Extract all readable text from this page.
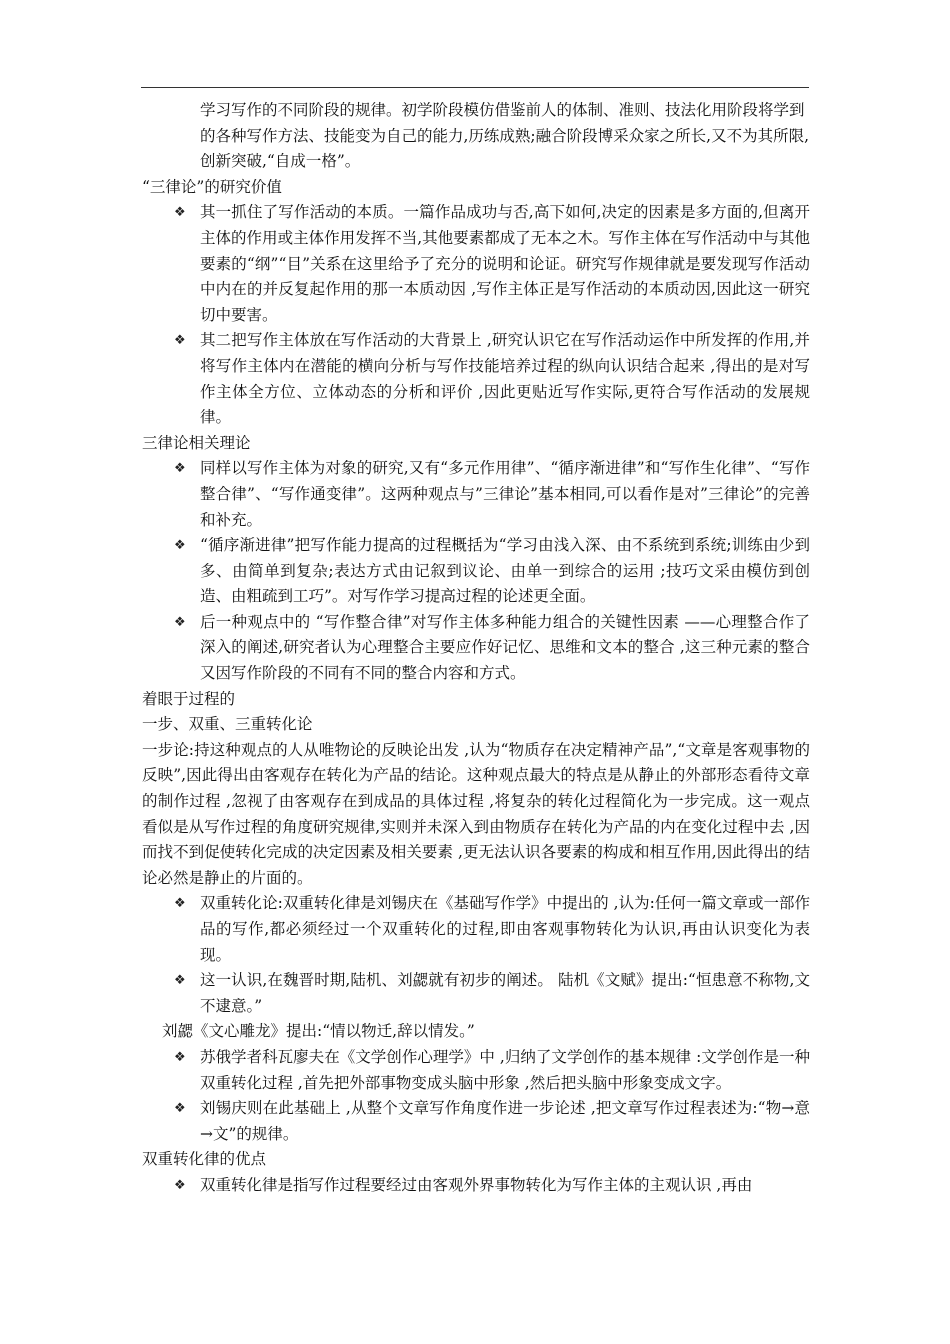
学习写作的不同阶段的规律。初学阶段模仿借鉴前人的体制、准则、技法化用阶段将学到的各种写作方法、技能变为自己的能力,历练成熟;融合阶段博采众家之所长,又不为其所限,创新突破,“自成一格”。
“三律论”的研究价值
❖ 其一抓住了写作活动的本质。一篇作品成功与否,高下如何,决定的因素是多方面的,但离开主体的作用或主体作用发挥不当,其他要素都成了无本之木。写作主体在写作活动中与其他要素的“纲”“目”关系在这里给予了充分的说明和论证。研究写作规律就是要发现写作活动中内在的并反复起作用的那一本质动因 ,写作主体正是写作活动的本质动因,因此这一研究切中要害。
❖ 其二把写作主体放在写作活动的大背景上 ,研究认识它在写作活动运作中所发挥的作用,并将写作主体内在潜能的横向分析与写作技能培养过程的纵向认识结合起来 ,得出的是对写作主体全方位、立体动态的分析和评价 ,因此更贴近写作实际,更符合写作活动的发展规律。
三律论相关理论
❖ 同样以写作主体为对象的研究,又有“多元作用律”、“循序渐进律”和“写作生化律”、“写作整合律”、“写作通变律”。这两种观点与”三律论”基本相同,可以看作是对”三律论”的完善和补充。
❖ “循序渐进律”把写作能力提高的过程概括为“学习由浅入深、由不系统到系统;训练由少到多、由简单到复杂;表达方式由记叙到议论、由单一到综合的运用 ;技巧文采由模仿到创造、由粗疏到工巧”。对写作学习提高过程的论述更全面。
❖ 后一种观点中的 “写作整合律”对写作主体多种能力组合的关键性因素 ——心理整合作了深入的阐述,研究者认为心理整合主要应作好记忆、思维和文本的整合 ,这三种元素的整合又因写作阶段的不同有不同的整合内容和方式。
着眼于过程的
一步、双重、三重转化论
一步论:持这种观点的人从唯物论的反映论出发 ,认为“物质存在决定精神产品”,“文章是客观事物的反映”,因此得出由客观存在转化为产品的结论。这种观点最大的特点是从静止的外部形态看待文章的制作过程 ,忽视了由客观存在到成品的具体过程 ,将复杂的转化过程简化为一步完成。这一观点看似是从写作过程的角度研究规律,实则并未深入到由物质存在转化为产品的内在变化过程中去 ,因而找不到促使转化完成的决定因素及相关要素 ,更无法认识各要素的构成和相互作用,因此得出的结论必然是静止的片面的。
❖ 双重转化论:双重转化律是刘锡庆在《基础写作学》中提出的 ,认为:任何一篇文章或一部作品的写作,都必须经过一个双重转化的过程,即由客观事物转化为认识,再由认识变化为表现。
❖ 这一认识,在魏晋时期,陆机、刘勰就有初步的阐述。 陆机《文赋》提出:“恒患意不称物,文不逮意。”
刘勰《文心雕龙》提出:“情以物迁,辞以情发。”
❖ 苏俄学者科瓦廖夫在《文学创作心理学》中 ,归纳了文学创作的基本规律 :文学创作是一种双重转化过程 ,首先把外部事物变成头脑中形象 ,然后把头脑中形象变成文字。
❖ 刘锡庆则在此基础上 ,从整个文章写作角度作进一步论述 ,把文章写作过程表述为:“物→意→文”的规律。
双重转化律的优点
❖ 双重转化律是指写作过程要经过由客观外界事物转化为写作主体的主观认识 ,再由
